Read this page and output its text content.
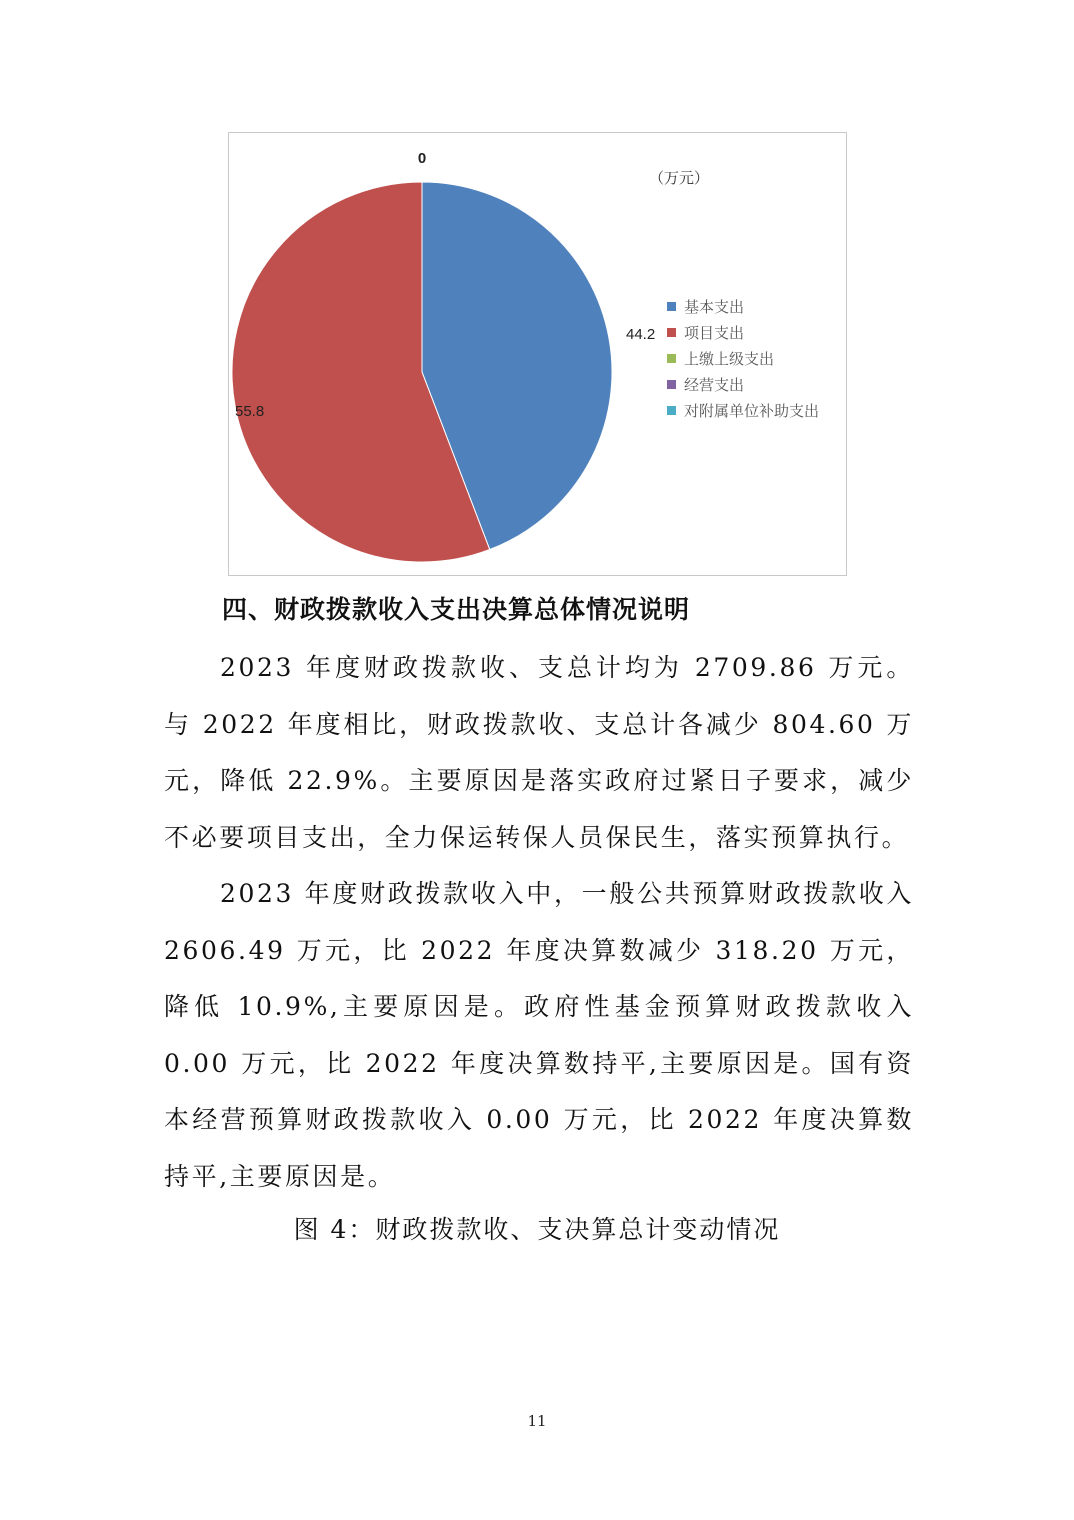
44.2
55.8
0
（万元）
基本支出
项目支出
上缴上级支出
经营支出
对附属单位补助支出
四、财政拨款收入支出决算总体情况说明
2023 年度财政拨款收、支总计均为 2709.86 万元。与 2022 年度相比，财政拨款收、支总计各减少 804.60 万元，降低 22.9%。主要原因是落实政府过紧日子要求，减少不必要项目支出，全力保运转保人员保民生，落实预算执行。
2023 年度财政拨款收入中，一般公共预算财政拨款收入 2606.49 万元，比 2022 年度决算数减少 318.20 万元，降低 10.9%,主要原因是。政府性基金预算财政拨款收入 0.00 万元，比 2022 年度决算数持平,主要原因是。国有资本经营预算财政拨款收入 0.00 万元，比 2022 年度决算数持平,主要原因是。
图 4：财政拨款收、支决算总计变动情况
11
